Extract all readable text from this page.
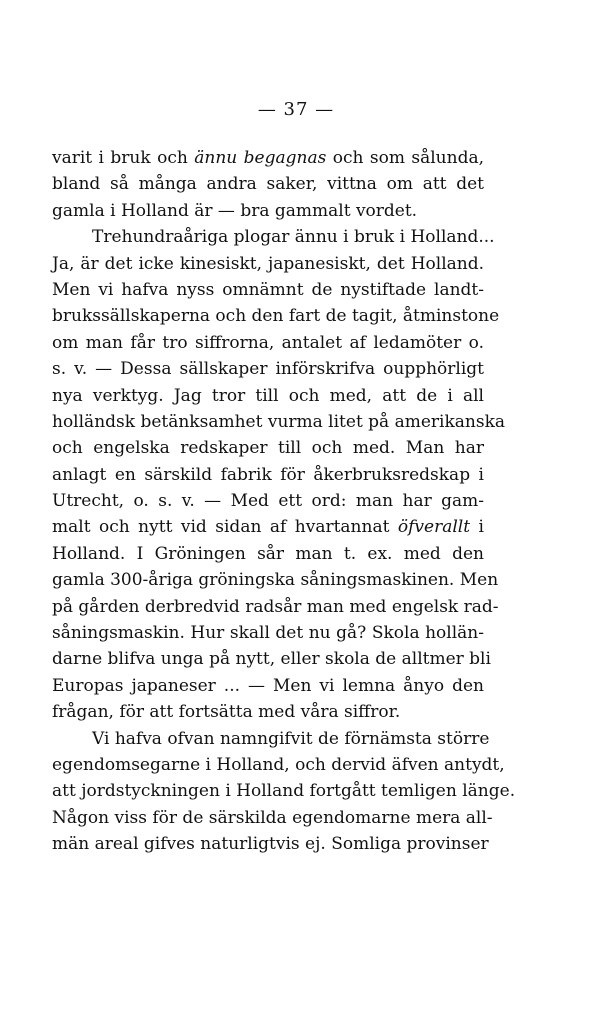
— 37 —
varit i bruk och ännu begagnas och som sålunda,
bland så många andra saker, vittna om att det
gamla i Holland är — bra gammalt vordet.
Trehundraåriga plogar ännu i bruk i Holland...
Ja, är det icke kinesiskt, japanesiskt, det Holland.
Men vi hafva nyss omnämnt de nystiftade landt-
brukssällskaperna och den fart de tagit, åtminstone
om man får tro siffrorna, antalet af ledamöter o.
s. v. — Dessa sällskaper införskrifva oupphörligt
nya verktyg. Jag tror till och med, att de i all
holländsk betänksamhet vurma litet på amerikanska
och engelska redskaper till och med. Man har
anlagt en särskild fabrik för åkerbruksredskap i
Utrecht, o. s. v. — Med ett ord: man har gam-
malt och nytt vid sidan af hvartannat öfverallt i
Holland. I Gröningen sår man t. ex. med den
gamla 300-åriga gröningska såningsmaskinen. Men
på gården derbredvid radsår man med engelsk rad-
såningsmaskin. Hur skall det nu gå? Skola hollän-
darne blifva unga på nytt, eller skola de alltmer bli
Europas japaneser ... — Men vi lemna ånyo den
frågan, för att fortsätta med våra siffror.
Vi hafva ofvan namngifvit de förnämsta större
egendomsegarne i Holland, och dervid äfven antydt,
att jordstyckningen i Holland fortgått temligen länge.
Någon viss för de särskilda egendomarne mera all-
män areal gifves naturligtvis ej. Somliga provinser
